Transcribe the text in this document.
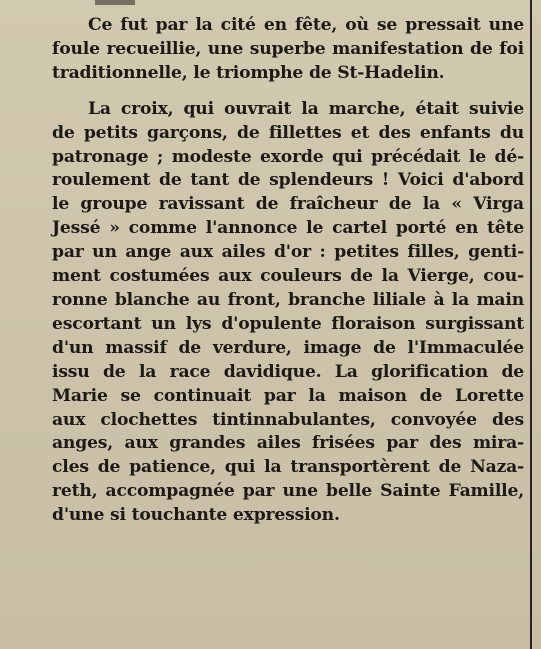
Ce fut par la cité en fête, où se pressait une
foule recueillie, une superbe manifestation de foi
traditionnelle, le triomphe de St-Hadelin.
La croix, qui ouvrait la marche, était suivie
de petits garçons, de fillettes et des enfants du
patronage ; modeste exorde qui précédait le dé-
roulement de tant de splendeurs ! Voici d'abord
le groupe ravissant de fraîcheur de la « Virga
Jessé » comme l'annonce le cartel porté en tête
par un ange aux ailes d'or : petites filles, genti-
ment costumées aux couleurs de la Vierge, cou-
ronne blanche au front, branche liliale à la main
escortant un lys d'opulente floraison surgissant
d'un massif de verdure, image de l'Immaculée
issu de la race davidique. La glorification de
Marie se continuait par la maison de Lorette
aux clochettes tintinnabulantes, convoyée des
anges, aux grandes ailes frisées par des mira-
cles de patience, qui la transportèrent de Naza-
reth, accompagnée par une belle Sainte Famille,
d'une si touchante expression.
